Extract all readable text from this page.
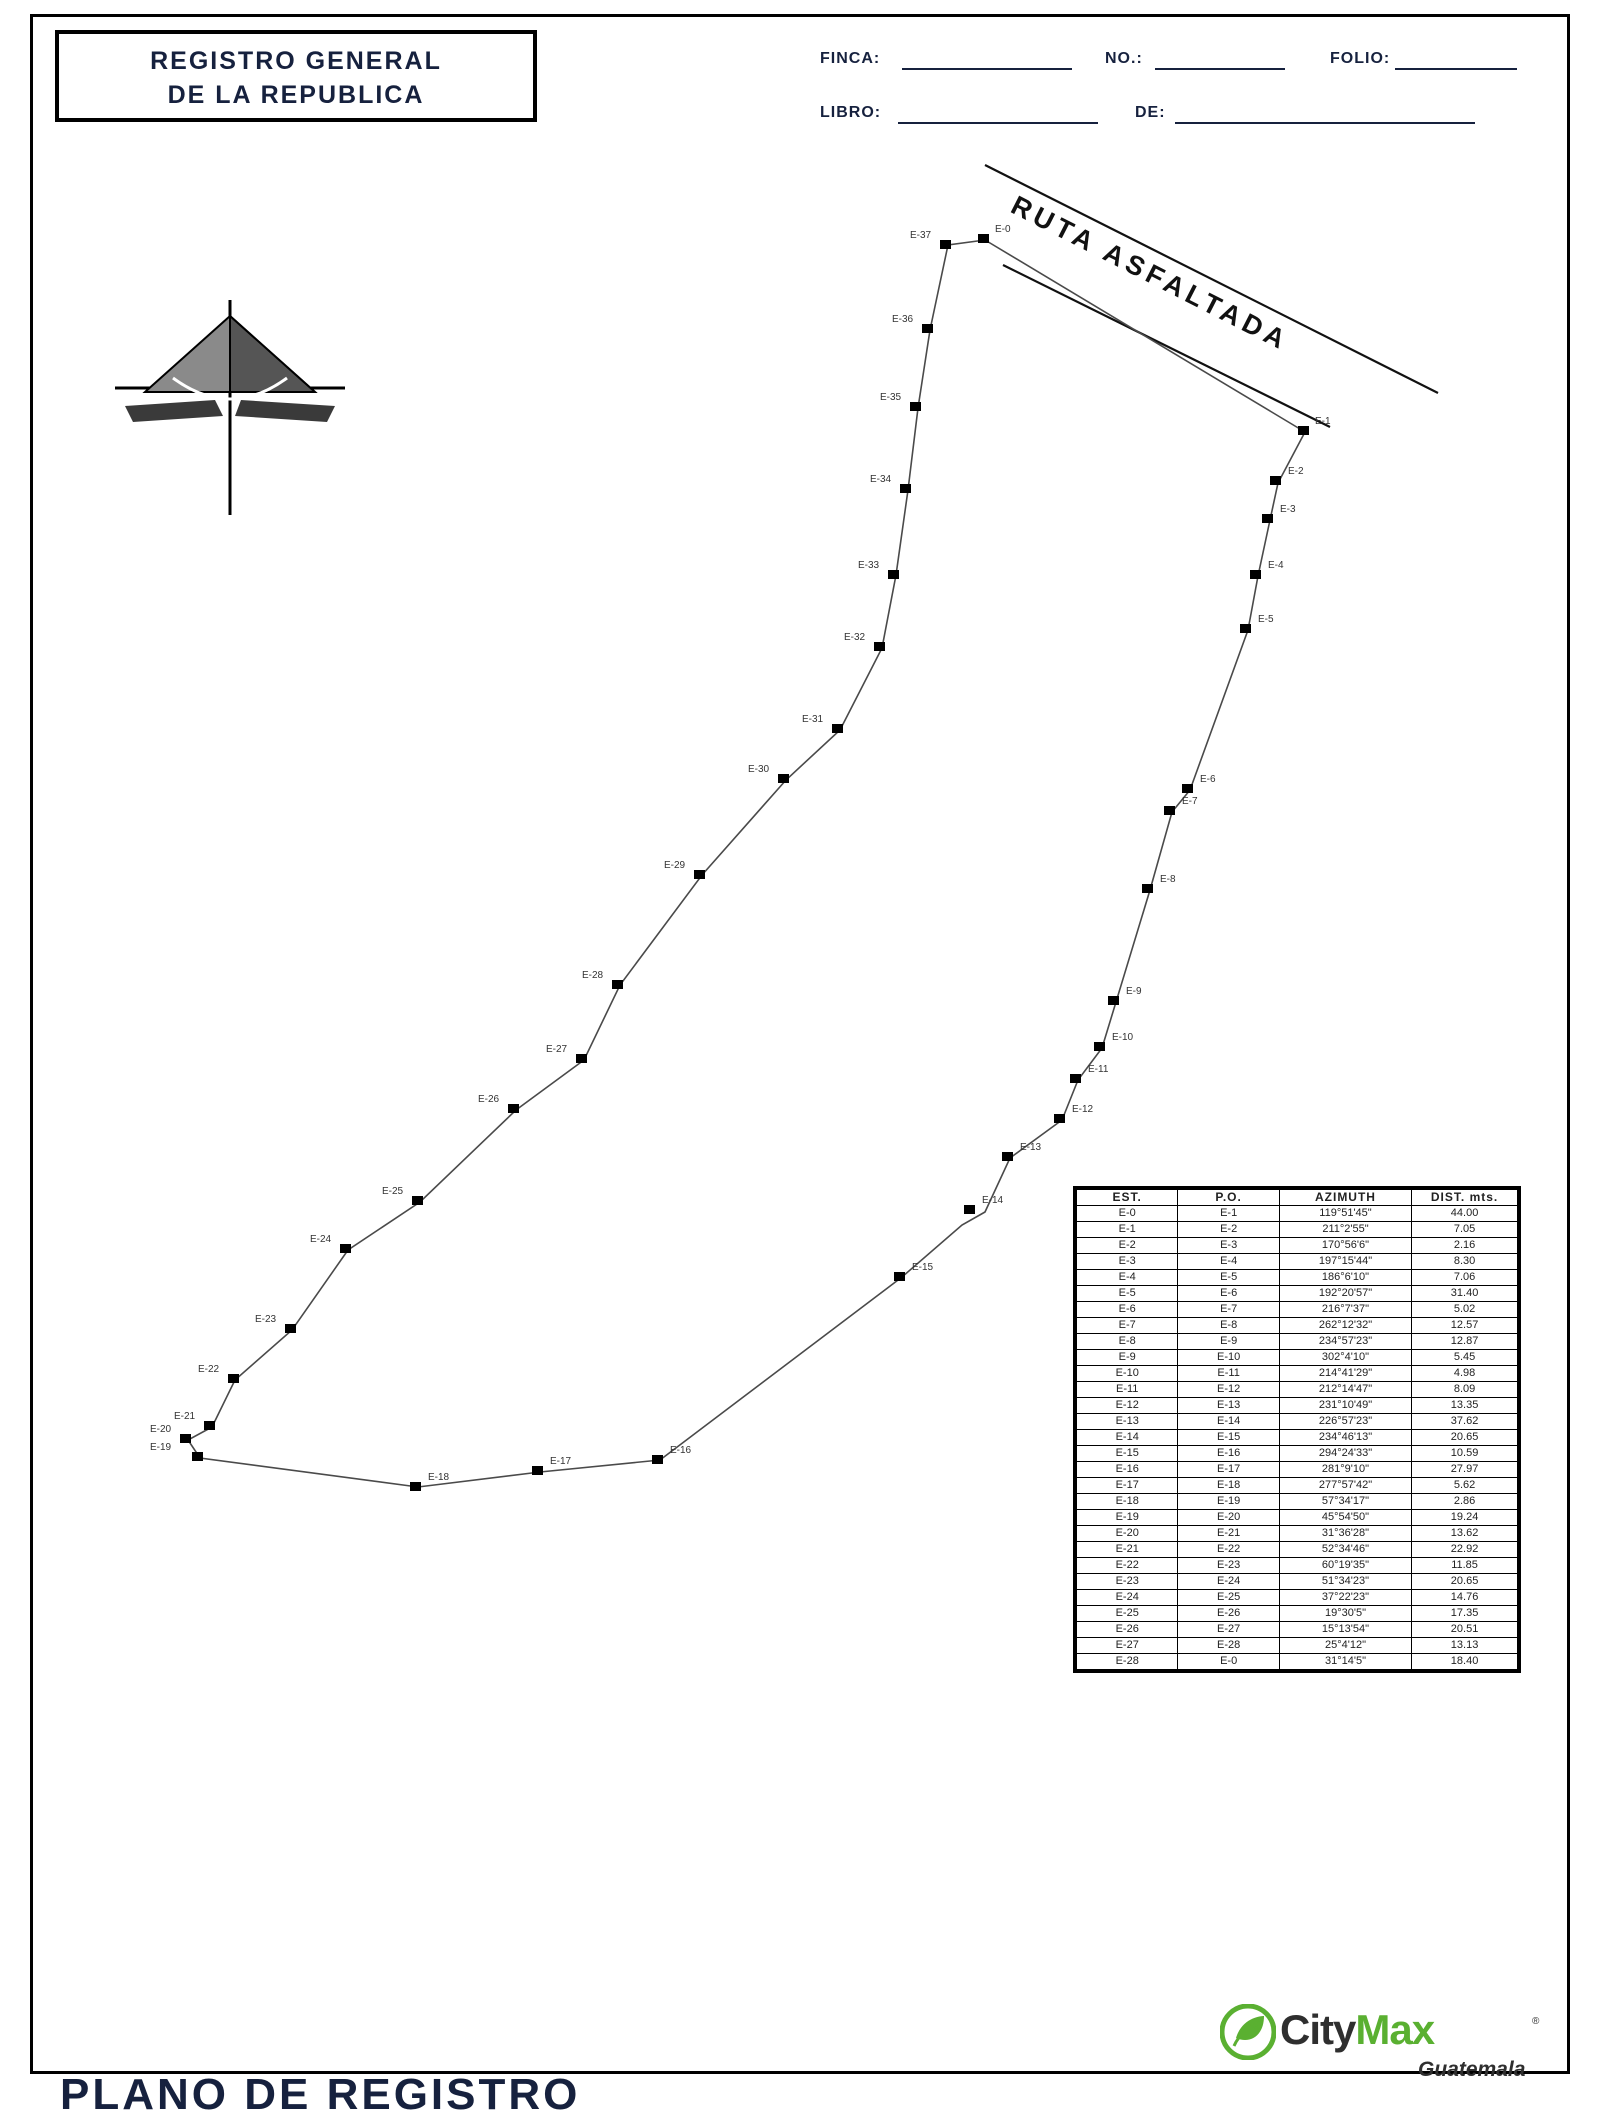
REGISTRO GENERAL
DE LA REPUBLICA
FINCA:	NO.:	FOLIO:
LIBRO:	DE:
RUTA ASFALTADA
E-0
E-1
E-2
E-3
E-4
E-5
E-6
E-7
E-8
E-9
E-10
E-11
E-12
E-13
E-14
E-15
E-16
E-17
E-18
E-19
E-20
E-21
E-22
E-23
E-24
E-25
E-26
E-27
E-28
E-29
E-30
E-31
E-32
E-33
E-34
E-35
E-36
E-37
EST.	P.O.	AZIMUTH	DIST. mts.
E-0	E-1	119°51'45"	44.00
E-1	E-2	211°2'55"	7.05
E-2	E-3	170°56'6"	2.16
E-3	E-4	197°15'44"	8.30
E-4	E-5	186°6'10"	7.06
E-5	E-6	192°20'57"	31.40
E-6	E-7	216°7'37"	5.02
E-7	E-8	262°12'32"	12.57
E-8	E-9	234°57'23"	12.87
E-9	E-10	302°4'10"	5.45
E-10	E-11	214°41'29"	4.98
E-11	E-12	212°14'47"	8.09
E-12	E-13	231°10'49"	13.35
E-13	E-14	226°57'23"	37.62
E-14	E-15	234°46'13"	20.65
E-15	E-16	294°24'33"	10.59
E-16	E-17	281°9'10"	27.97
E-17	E-18	277°57'42"	5.62
E-18	E-19	57°34'17"	2.86
E-19	E-20	45°54'50"	19.24
E-20	E-21	31°36'28"	13.62
E-21	E-22	52°34'46"	22.92
E-22	E-23	60°19'35"	11.85
E-23	E-24	51°34'23"	20.65
E-24	E-25	37°22'23"	14.76
E-25	E-26	19°30'5"	17.35
E-26	E-27	15°13'54"	20.51
E-27	E-28	25°4'12"	13.13
E-28	E-0	31°14'5"	18.40
CityMax	®
Guatemala
PLANO DE REGISTRO
